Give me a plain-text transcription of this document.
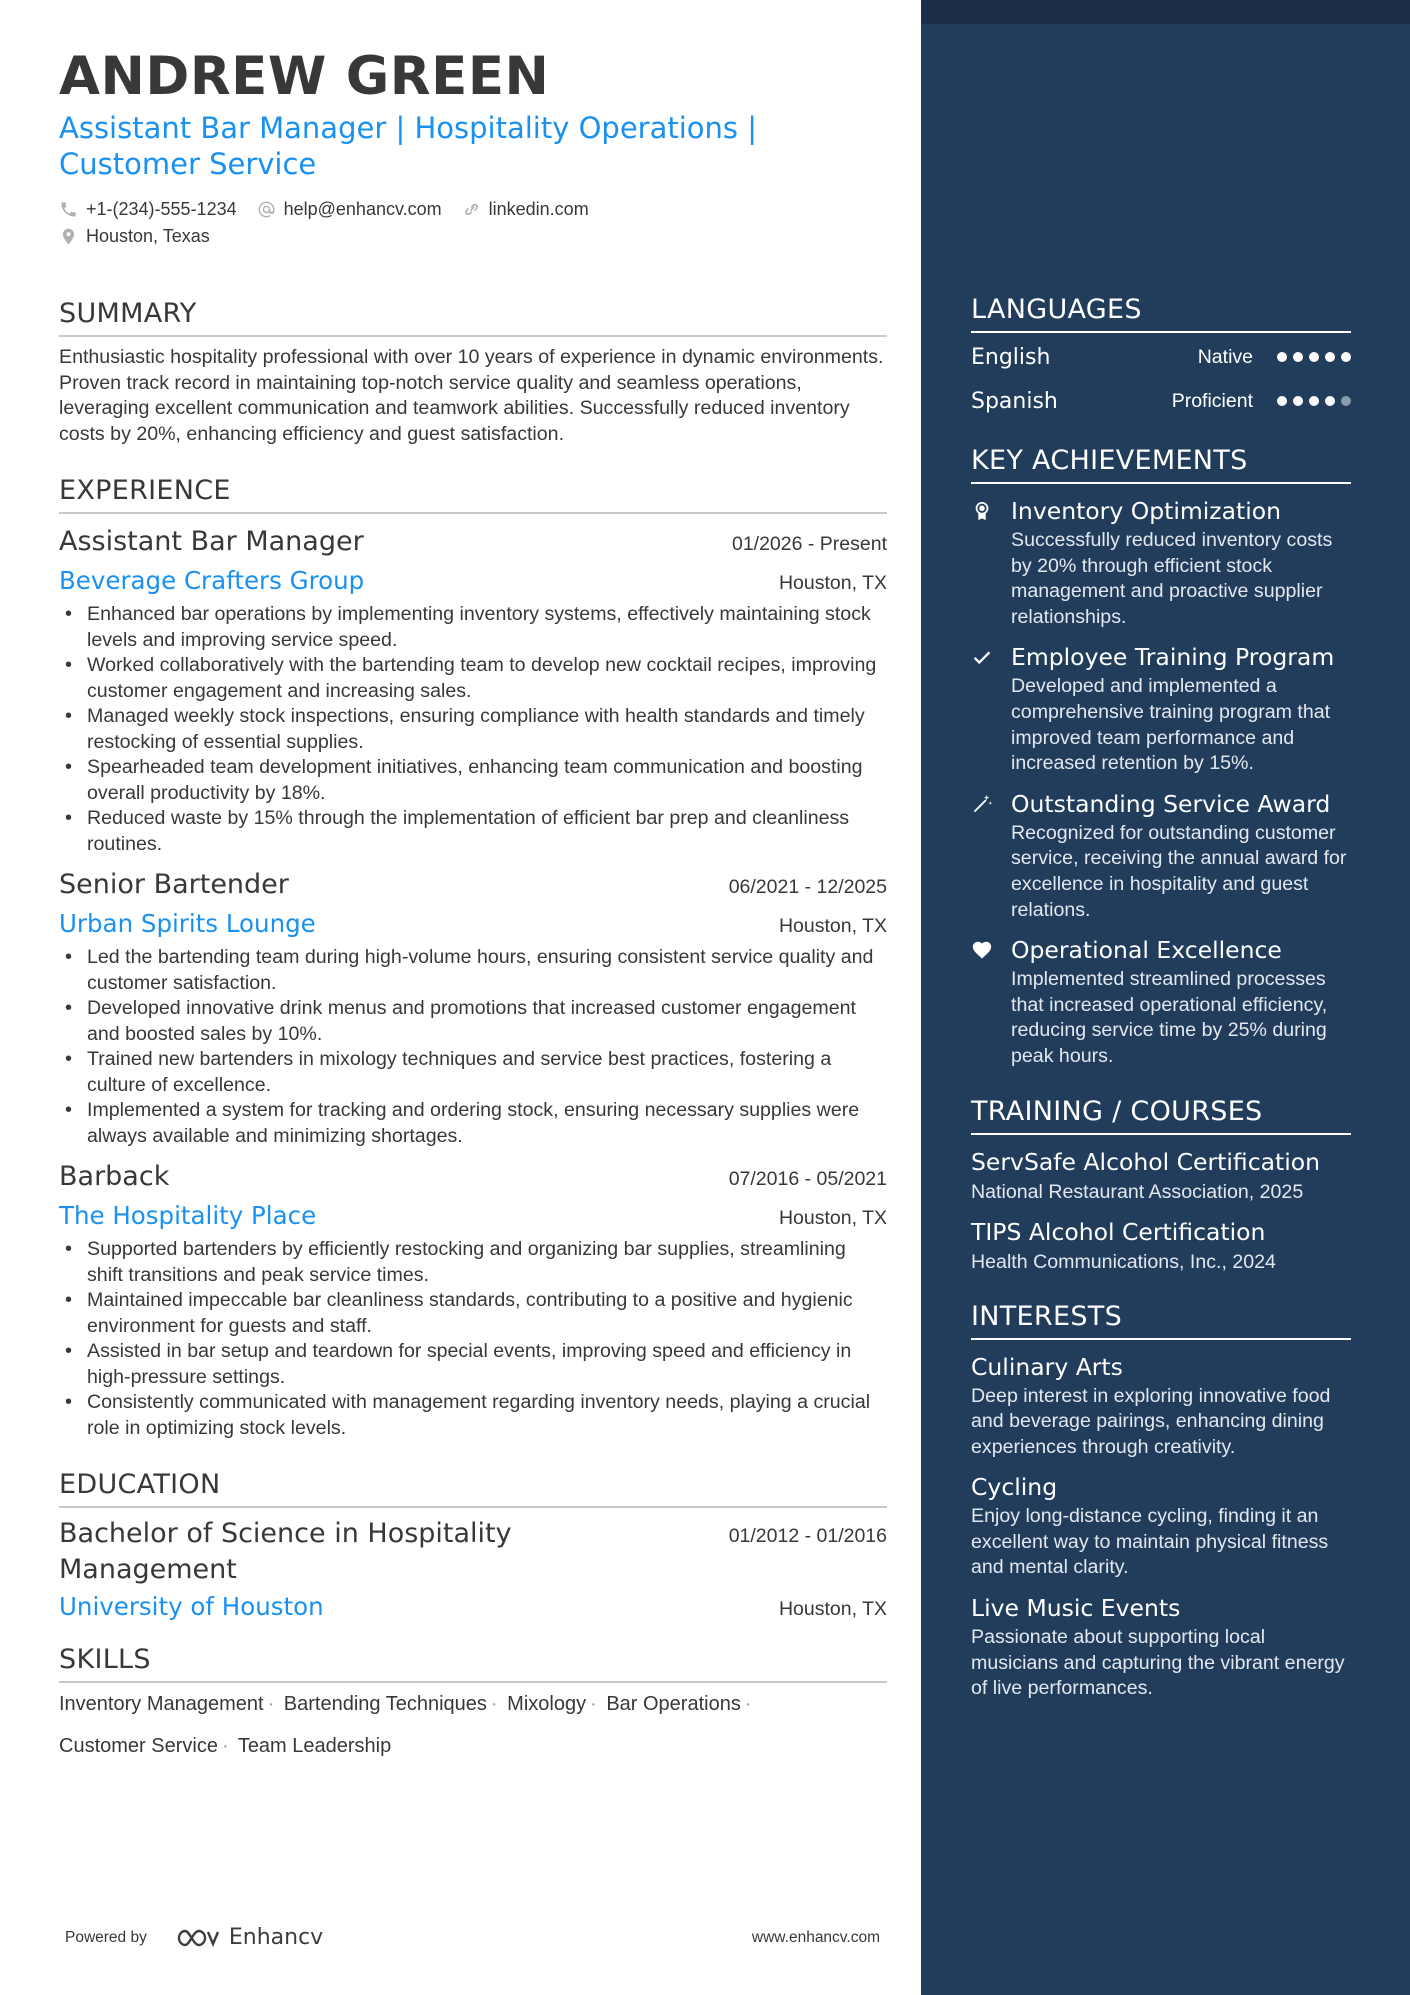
ANDREW GREEN
Assistant Bar Manager | Hospitality Operations | Customer Service
+1-(234)-555-1234	help@enhancv.com	linkedin.com
Houston, Texas
SUMMARY
Enthusiastic hospitality professional with over 10 years of experience in dynamic environments. Proven track record in maintaining top-notch service quality and seamless operations, leveraging excellent communication and teamwork abilities. Successfully reduced inventory costs by 20%, enhancing efficiency and guest satisfaction.
EXPERIENCE
Assistant Bar Manager	01/2026 - Present
Beverage Crafters Group	Houston, TX
• Enhanced bar operations by implementing inventory systems, effectively maintaining stock levels and improving service speed.
• Worked collaboratively with the bartending team to develop new cocktail recipes, improving customer engagement and increasing sales.
• Managed weekly stock inspections, ensuring compliance with health standards and timely restocking of essential supplies.
• Spearheaded team development initiatives, enhancing team communication and boosting overall productivity by 18%.
• Reduced waste by 15% through the implementation of efficient bar prep and cleanliness routines.
Senior Bartender	06/2021 - 12/2025
Urban Spirits Lounge	Houston, TX
• Led the bartending team during high-volume hours, ensuring consistent service quality and customer satisfaction.
• Developed innovative drink menus and promotions that increased customer engagement and boosted sales by 10%.
• Trained new bartenders in mixology techniques and service best practices, fostering a culture of excellence.
• Implemented a system for tracking and ordering stock, ensuring necessary supplies were always available and minimizing shortages.
Barback	07/2016 - 05/2021
The Hospitality Place	Houston, TX
• Supported bartenders by efficiently restocking and organizing bar supplies, streamlining shift transitions and peak service times.
• Maintained impeccable bar cleanliness standards, contributing to a positive and hygienic environment for guests and staff.
• Assisted in bar setup and teardown for special events, improving speed and efficiency in high-pressure settings.
• Consistently communicated with management regarding inventory needs, playing a crucial role in optimizing stock levels.
EDUCATION
Bachelor of Science in Hospitality Management
01/2012 - 01/2016
University of Houston	Houston, TX
SKILLS
Inventory Management · Bartending Techniques · Mixology · Bar Operations ·
Customer Service · Team Leadership
Powered by	Enhancv	www.enhancv.com
LANGUAGES
English	Native
Spanish	Proficient
KEY ACHIEVEMENTS
Inventory Optimization
Successfully reduced inventory costs by 20% through efficient stock management and proactive supplier relationships.
Employee Training Program
Developed and implemented a comprehensive training program that improved team performance and increased retention by 15%.
Outstanding Service Award
Recognized for outstanding customer service, receiving the annual award for excellence in hospitality and guest relations.
Operational Excellence
Implemented streamlined processes that increased operational efficiency, reducing service time by 25% during peak hours.
TRAINING / COURSES
ServSafe Alcohol Certification
National Restaurant Association, 2025
TIPS Alcohol Certification
Health Communications, Inc., 2024
INTERESTS
Culinary Arts
Deep interest in exploring innovative food and beverage pairings, enhancing dining experiences through creativity.
Cycling
Enjoy long-distance cycling, finding it an excellent way to maintain physical fitness and mental clarity.
Live Music Events
Passionate about supporting local musicians and capturing the vibrant energy of live performances.
